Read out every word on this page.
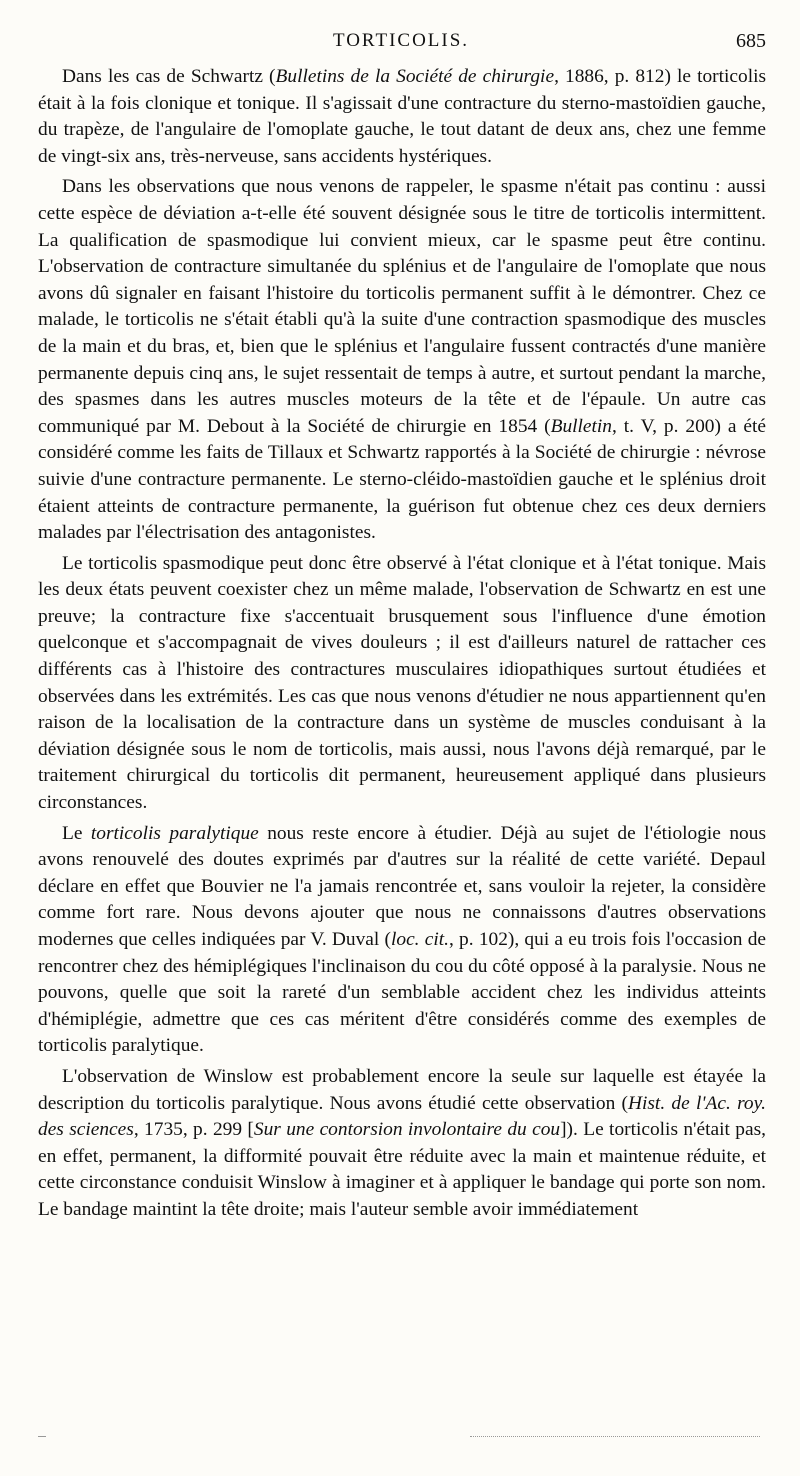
TORTICOLIS.	685

Dans les cas de Schwartz (Bulletins de la Société de chirurgie, 1886, p. 812) le torticolis était à la fois clonique et tonique. Il s'agissait d'une contracture du sterno-mastoïdien gauche, du trapèze, de l'angulaire de l'omoplate gauche, le tout datant de deux ans, chez une femme de vingt-six ans, très-nerveuse, sans accidents hystériques.

Dans les observations que nous venons de rappeler, le spasme n'était pas continu : aussi cette espèce de déviation a-t-elle été souvent désignée sous le titre de torticolis intermittent. La qualification de spasmodique lui convient mieux, car le spasme peut être continu. L'observation de contracture simultanée du splénius et de l'angulaire de l'omoplate que nous avons dû signaler en faisant l'histoire du torticolis permanent suffit à le démontrer. Chez ce malade, le torticolis ne s'était établi qu'à la suite d'une contraction spasmodique des muscles de la main et du bras, et, bien que le splénius et l'angulaire fussent contractés d'une manière permanente depuis cinq ans, le sujet ressentait de temps à autre, et surtout pendant la marche, des spasmes dans les autres muscles moteurs de la tête et de l'épaule. Un autre cas communiqué par M. Debout à la Société de chirurgie en 1854 (Bulletin, t. V, p. 200) a été considéré comme les faits de Tillaux et Schwartz rapportés à la Société de chirurgie : névrose suivie d'une contracture permanente. Le sterno-cléido-mastoïdien gauche et le splénius droit étaient atteints de contracture permanente, la guérison fut obtenue chez ces deux derniers malades par l'électrisation des antagonistes.

Le torticolis spasmodique peut donc être observé à l'état clonique et à l'état tonique. Mais les deux états peuvent coexister chez un même malade, l'observation de Schwartz en est une preuve; la contracture fixe s'accentuait brusquement sous l'influence d'une émotion quelconque et s'accompagnait de vives douleurs ; il est d'ailleurs naturel de rattacher ces différents cas à l'histoire des contractures musculaires idiopathiques surtout étudiées et observées dans les extrémités. Les cas que nous venons d'étudier ne nous appartiennent qu'en raison de la localisation de la contracture dans un système de muscles conduisant à la déviation désignée sous le nom de torticolis, mais aussi, nous l'avons déjà remarqué, par le traitement chirurgical du torticolis dit permanent, heureusement appliqué dans plusieurs circonstances.

Le torticolis paralytique nous reste encore à étudier. Déjà au sujet de l'étiologie nous avons renouvelé des doutes exprimés par d'autres sur la réalité de cette variété. Depaul déclare en effet que Bouvier ne l'a jamais rencontrée et, sans vouloir la rejeter, la considère comme fort rare. Nous devons ajouter que nous ne connaissons d'autres observations modernes que celles indiquées par V. Duval (loc. cit., p. 102), qui a eu trois fois l'occasion de rencontrer chez des hémiplégiques l'inclinaison du cou du côté opposé à la paralysie. Nous ne pouvons, quelle que soit la rareté d'un semblable accident chez les individus atteints d'hémiplégie, admettre que ces cas méritent d'être considérés comme des exemples de torticolis paralytique.

L'observation de Winslow est probablement encore la seule sur laquelle est étayée la description du torticolis paralytique. Nous avons étudié cette observation (Hist. de l'Ac. roy. des sciences, 1735, p. 299 [Sur une contorsion involontaire du cou]). Le torticolis n'était pas, en effet, permanent, la difformité pouvait être réduite avec la main et maintenue réduite, et cette circonstance conduisit Winslow à imaginer et à appliquer le bandage qui porte son nom. Le bandage maintint la tête droite; mais l'auteur semble avoir immédiatement
